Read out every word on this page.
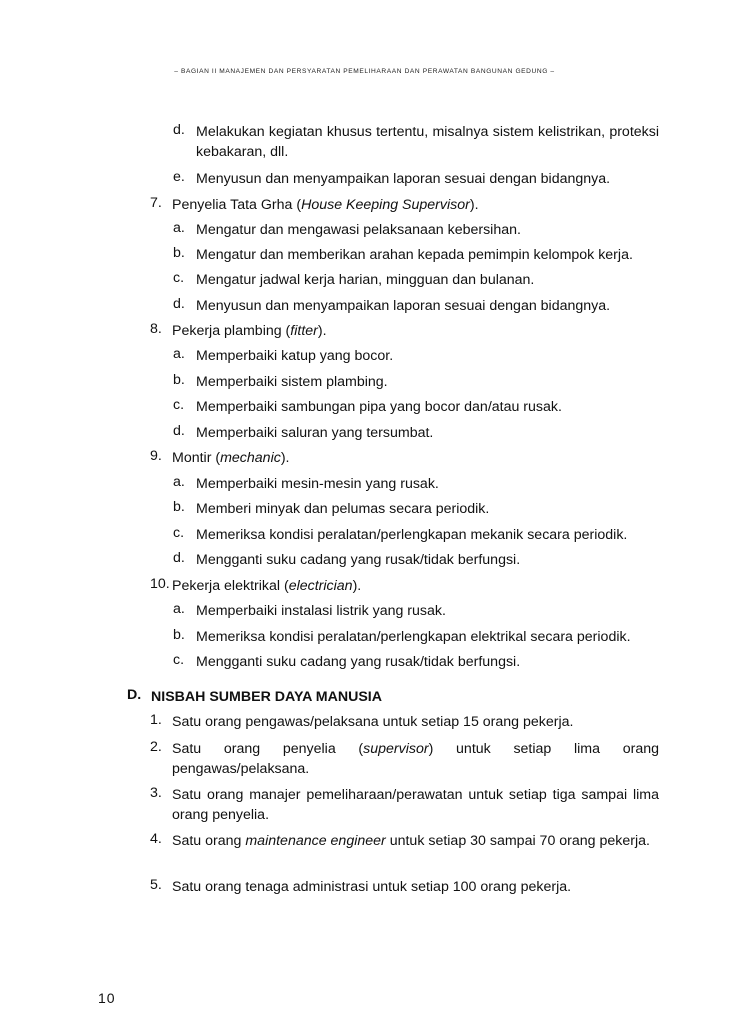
– BAGIAN II MANAJEMEN DAN PERSYARATAN PEMELIHARAAN DAN PERAWATAN BANGUNAN GEDUNG –
d. Melakukan kegiatan khusus tertentu, misalnya sistem kelistrikan, proteksi kebakaran, dll.
e. Menyusun dan menyampaikan laporan sesuai dengan bidangnya.
7. Penyelia Tata Grha (House Keeping Supervisor).
a. Mengatur dan mengawasi pelaksanaan kebersihan.
b. Mengatur dan memberikan arahan kepada pemimpin kelompok kerja.
c. Mengatur jadwal kerja harian, mingguan dan bulanan.
d. Menyusun dan menyampaikan laporan sesuai dengan bidangnya.
8. Pekerja plambing (fitter).
a. Memperbaiki katup yang bocor.
b. Memperbaiki sistem plambing.
c. Memperbaiki sambungan pipa yang bocor dan/atau rusak.
d. Memperbaiki saluran yang tersumbat.
9. Montir (mechanic).
a. Memperbaiki mesin-mesin yang rusak.
b. Memberi minyak dan pelumas secara periodik.
c. Memeriksa kondisi peralatan/perlengkapan mekanik secara periodik.
d. Mengganti suku cadang yang rusak/tidak berfungsi.
10. Pekerja elektrikal (electrician).
a. Memperbaiki instalasi listrik yang rusak.
b. Memeriksa kondisi peralatan/perlengkapan elektrikal secara periodik.
c. Mengganti suku cadang yang rusak/tidak berfungsi.
D. NISBAH SUMBER DAYA MANUSIA
1. Satu orang pengawas/pelaksana untuk setiap 15 orang pekerja.
2. Satu orang penyelia (supervisor) untuk setiap lima orang
pengawas/pelaksana.
3. Satu orang manajer pemeliharaan/perawatan untuk setiap tiga sampai lima orang penyelia.
4. Satu orang maintenance engineer untuk setiap 30 sampai 70 orang pekerja.
5. Satu orang tenaga administrasi untuk setiap 100 orang pekerja.
10
